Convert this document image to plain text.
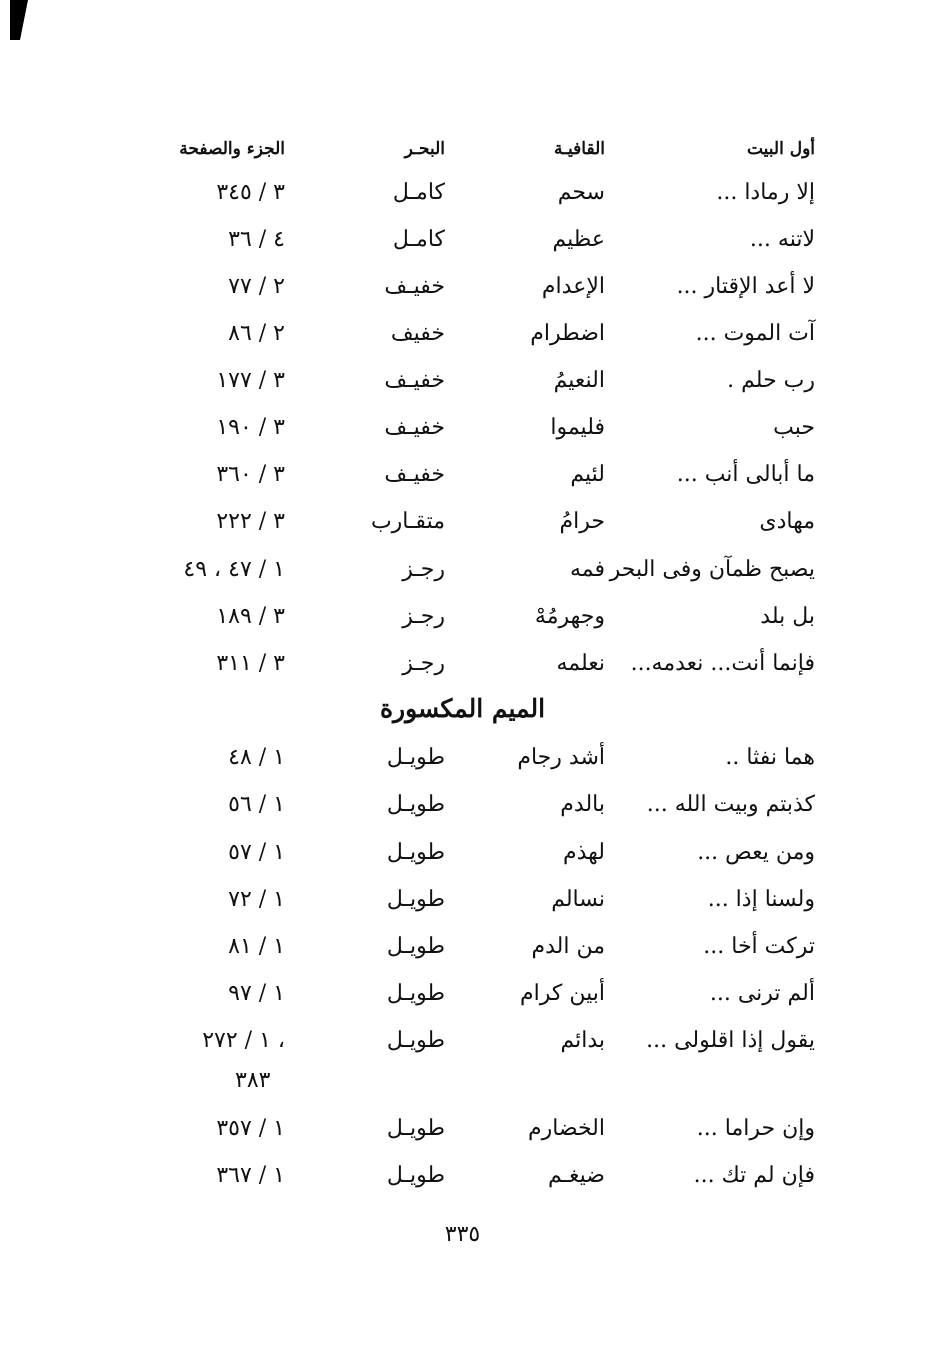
أول البيت
القافيـة
البحـر
الجزء والصفحة
إلا رمادا ...
سحم
كامـل
٣ / ٣٤٥
لاتنه ...
عظيم
كامـل
٤ / ٣٦
لا أعد الإقتار ...
الإعدام
خفيـف
٢ / ٧٧
آت الموت ...
اضطرام
خفيف
٢ / ٨٦
رب حلم .
النعيمُ
خفيـف
٣ / ١٧٧
حبب
فليموا
خفيـف
٣ / ١٩٠
ما أبالى أنب ...
لئيم
خفيـف
٣ / ٣٦٠
مهادى
حرامُ
متقـارب
٣ / ٢٢٢
يصبح ظمآن وفى البحر
فمه
رجـز
١ / ٤٧ ، ٤٩
بل بلد
وجهرمُهْ
رجـز
٣ / ١٨٩
فإنما أنت... نعدمه...
نعلمه
رجـز
٣ / ٣١١
الميم المكسورة
هما نفثا ..
أشد رجام
طويـل
١ / ٤٨
كذبتم وبيت الله ...
بالدم
طويـل
١ / ٥٦
ومن يعص ...
لهذم
طويـل
١ / ٥٧
ولسنا إذا ...
نسالم
طويـل
١ / ٧٢
تركت أخا ...
من الدم
طويـل
١ / ٨١
ألم ترنى ...
أبين كرام
طويـل
١ / ٩٧
يقول إذا اقلولى ...
بدائم
طويـل
١ / ٢٧٢ ،
٣٨٣
وإن حراما ...
الخضارم
طويـل
١ / ٣٥٧
فإن لم تك ...
ضيغـم
طويـل
١ / ٣٦٧
٣٣٥
